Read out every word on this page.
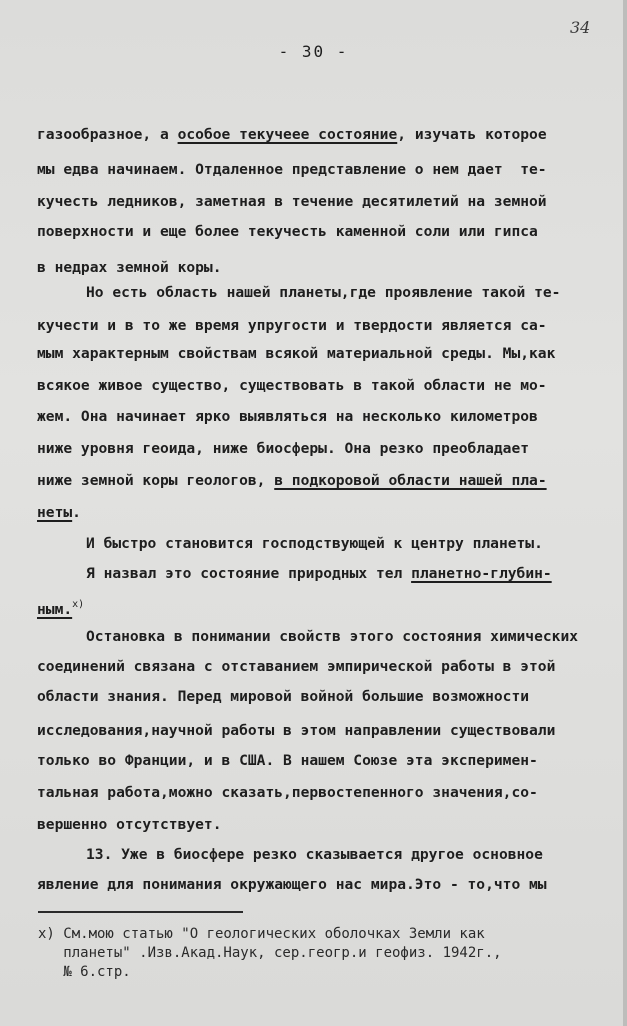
- 30 -
34
газообразное, а особое текучеее состояние, изучать которое
мы едва начинаем. Отдаленное представление о нем дает  те-
кучесть ледников, заметная в течение десятилетий на земной
поверхности и еще более текучесть каменной соли или гипса
в недрах земной коры.
Но есть область нашей планеты,где проявление такой те-
кучести и в то же время упругости и твердости является са-
мым характерным свойствам всякой материальной среды. Мы,как
всякое живое существо, существовать в такой области не мо-
жем. Она начинает ярко выявляться на несколько километров
ниже уровня геоида, ниже биосферы. Она резко преобладает
ниже земной коры геологов, в подкоровой области нашей пла-
неты.
И быстро становится господствующей к центру планеты.
Я назвал это состояние природных тел планетно-глубин-
ным.$^{x)}$
Остановка в понимании свойств этого состояния химических
соединений связана с отставанием эмпирической работы в этой
области знания. Перед мировой войной большие возможности
исследования,научной работы в этом направлении существовали
только во Франции, и в США. В нашем Союзе эта эксперимен-
тальная работа,можно сказать,первостепенного значения,со-
вершенно отсутствует.
13. Уже в биосфере резко сказывается другое основное
явление для понимания окружающего нас мира.Это - то,что мы
x) См.мою статью "О геологических оболочках Земли как
планеты" .Изв.Акад.Наук, сер.геогр.и геофиз. 1942г.,
№ 6.стр.
